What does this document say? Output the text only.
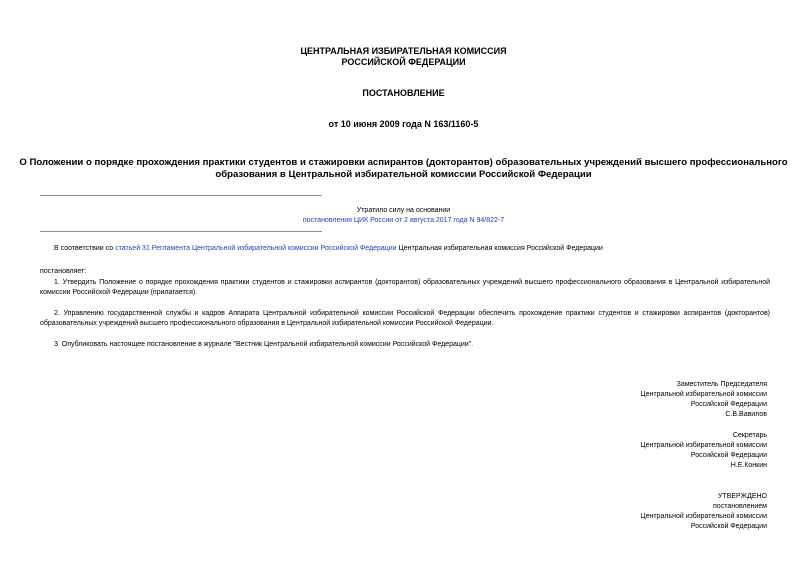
ЦЕНТРАЛЬНАЯ ИЗБИРАТЕЛЬНАЯ КОМИССИЯ
РОССИЙСКОЙ ФЕДЕРАЦИИ
ПОСТАНОВЛЕНИЕ
от 10 июня 2009 года N 163/1160-5
О Положении о порядке прохождения практики студентов и стажировки аспирантов (докторантов) образовательных учреждений высшего профессионального
образования в Центральной избирательной комиссии Российской Федерации
Утратило силу на основании
постановления ЦИК России от 2 августа 2017 года N 94/822-7
В соответствии со статьей 31 Регламента Центральной избирательной комиссии Российской Федерации Центральная избирательная комиссия Российской Федерации
постановляет:
1. Утвердить Положение о порядке прохождения практики студентов и стажировки аспирантов (докторантов) образовательных учреждений высшего профессионального образования в Центральной избирательной комиссии Российской Федерации (прилагается).
2. Управлению государственной службы и кадров Аппарата Центральной избирательной комиссии Российской Федерации обеспечить прохождение практики студентов и стажировки аспирантов (докторантов) образовательных учреждений высшего профессионального образования в Центральной избирательной комиссии Российской Федерации.
3. Опубликовать настоящее постановление в журнале "Вестник Центральной избирательной комиссии Российской Федерации".
Заместитель Председателя
Центральной избирательной комиссии
Российской Федерации
С.В.Вавилов
Секретарь
Центральной избирательной комиссии
Российской Федерации
Н.Е.Конкин
УТВЕРЖДЕНО
постановлением
Центральной избирательной комиссии
Российской Федерации
